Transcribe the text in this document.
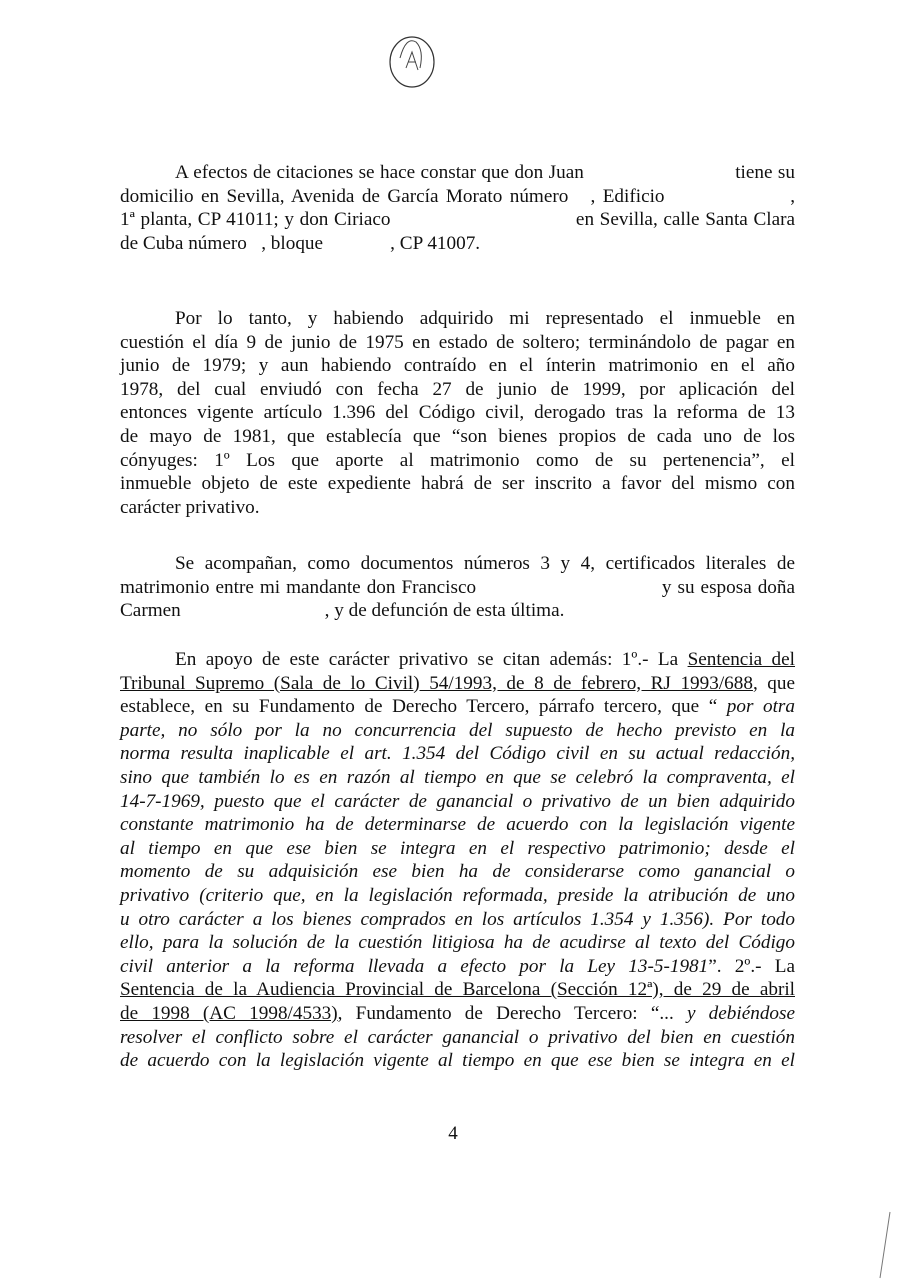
A efectos de citaciones se hace constar que don Juan                            tiene su
domicilio en Sevilla, Avenida de García Morato número   , Edificio                 ,
1ª planta, CP 41011; y don Ciriaco                                 en Sevilla, calle Santa Clara
de Cuba número   , bloque              , CP 41007.
Por lo tanto, y habiendo adquirido mi representado el inmueble en
cuestión el día 9 de junio de 1975 en estado de soltero; terminándolo de pagar en
junio de 1979; y aun habiendo contraído en el ínterin matrimonio en el año
1978, del cual enviudó con fecha 27 de junio de 1999, por aplicación del
entonces vigente artículo 1.396 del Código civil, derogado tras la reforma de 13
de mayo de 1981, que establecía que “son bienes propios de cada uno de los
cónyuges: 1º Los que aporte al matrimonio como de su pertenencia”, el
inmueble objeto de este expediente habrá de ser inscrito a favor del mismo con
carácter privativo.
Se acompañan, como documentos números 3 y 4, certificados literales de
matrimonio entre mi mandante don Francisco                               y su esposa doña
Carmen                              , y de defunción de esta última.
En apoyo de este carácter privativo se citan además: 1º.- La Sentencia del
Tribunal Supremo (Sala de lo Civil) 54/1993, de 8 de febrero, RJ 1993/688, que
establece, en su Fundamento de Derecho Tercero, párrafo tercero, que “ por otra
parte, no sólo por la no concurrencia del supuesto de hecho previsto en la
norma resulta inaplicable el art. 1.354 del Código civil en su actual redacción,
sino que también lo es en razón al tiempo en que se celebró la compraventa, el
14-7-1969, puesto que el carácter de ganancial o privativo de un bien adquirido
constante matrimonio ha de determinarse de acuerdo con la legislación vigente
al tiempo en que ese bien se integra en el respectivo patrimonio; desde el
momento de su adquisición ese bien ha de considerarse como ganancial o
privativo (criterio que, en la legislación reformada, preside la atribución de uno
u otro carácter a los bienes comprados en los artículos 1.354 y 1.356). Por todo
ello, para la solución de la cuestión litigiosa ha de acudirse al texto del Código
civil anterior a la reforma llevada a efecto por la Ley 13-5-1981”. 2º.- La
Sentencia de la Audiencia Provincial de Barcelona (Sección 12ª), de 29 de abril
de 1998 (AC 1998/4533), Fundamento de Derecho Tercero: “... y debiéndose
resolver el conflicto sobre el carácter ganancial o privativo del bien en cuestión
de acuerdo con la legislación vigente al tiempo en que ese bien se integra en el
4
